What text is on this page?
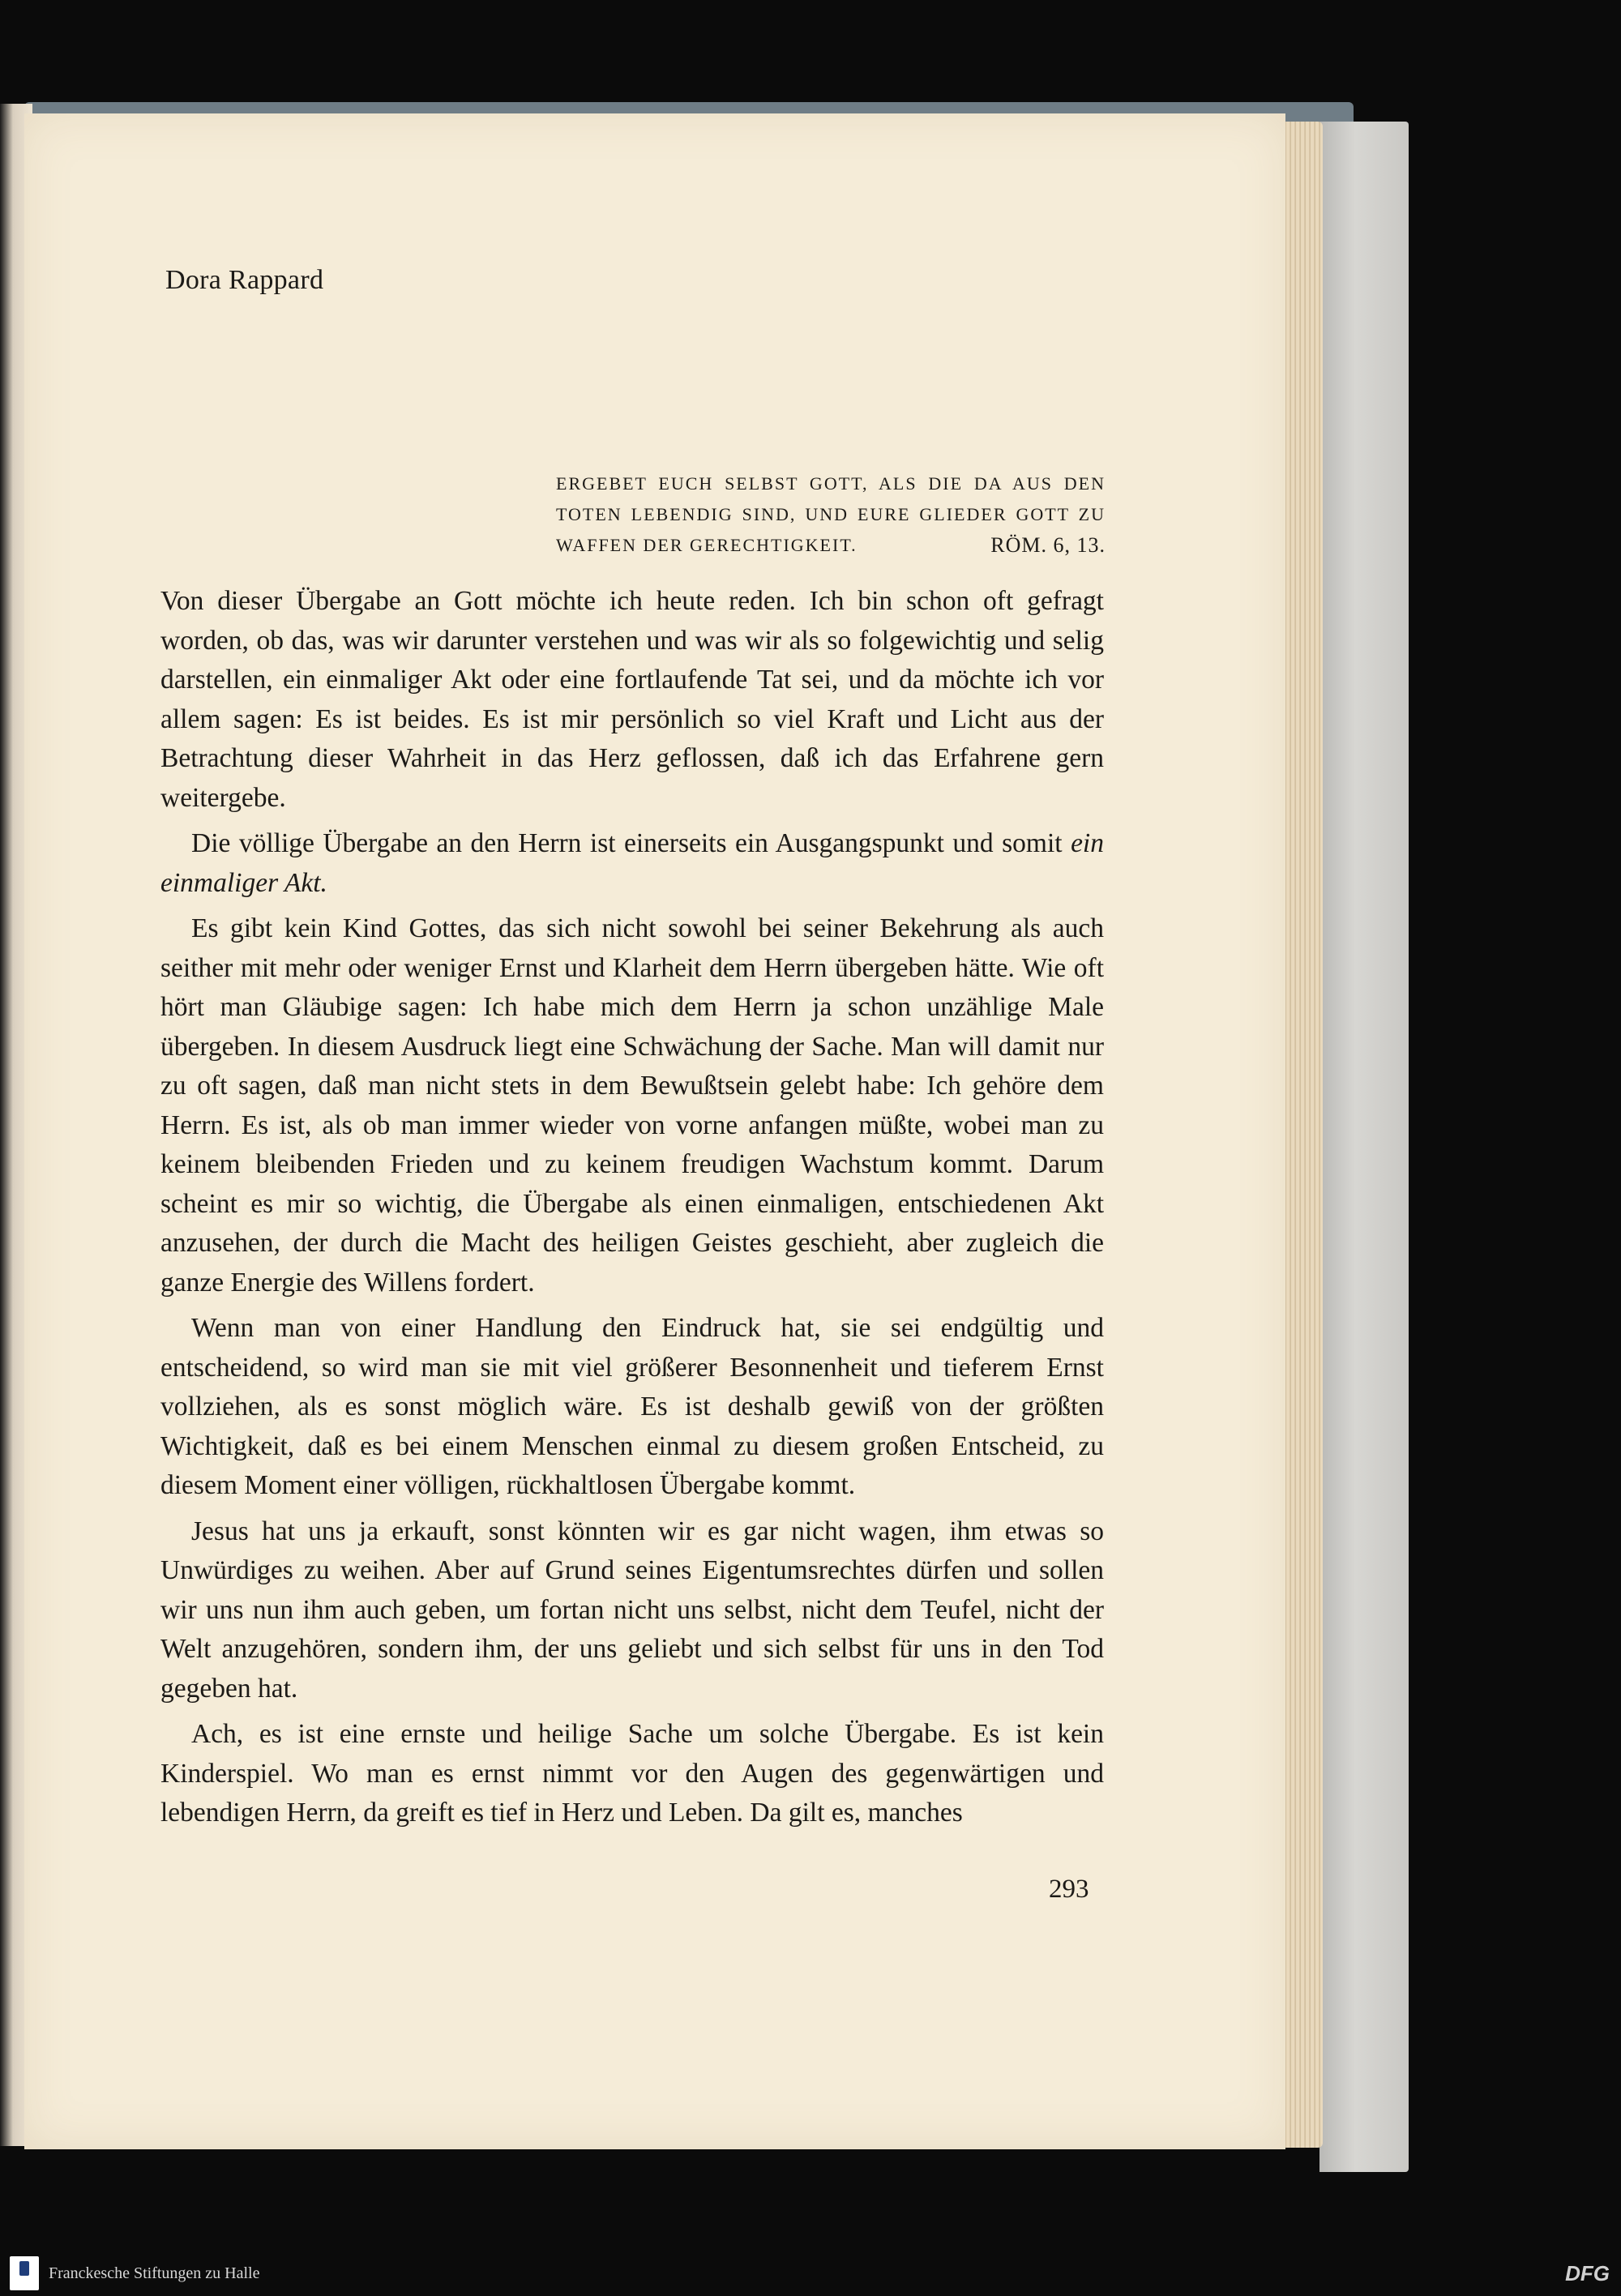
Dora Rappard
ERGEBET EUCH SELBST GOTT, ALS DIE DA AUS DEN
TOTEN LEBENDIG SIND, UND EURE GLIEDER GOTT ZU
WAFFEN DER GERECHTIGKEIT.	RÖM. 6, 13.

Von dieser Übergabe an Gott möchte ich heute reden. Ich bin schon oft gefragt worden, ob das, was wir darunter verstehen und was wir als so folgewichtig und selig darstellen, ein einmaliger Akt oder eine fortlaufende Tat sei, und da möchte ich vor allem sagen: Es ist beides. Es ist mir persönlich so viel Kraft und Licht aus der Betrachtung dieser Wahrheit in das Herz geflossen, daß ich das Erfahrene gern weitergebe.

Die völlige Übergabe an den Herrn ist einerseits ein Ausgangspunkt und somit ein einmaliger Akt.

Es gibt kein Kind Gottes, das sich nicht sowohl bei seiner Bekehrung als auch seither mit mehr oder weniger Ernst und Klarheit dem Herrn übergeben hätte. Wie oft hört man Gläubige sagen: Ich habe mich dem Herrn ja schon unzählige Male übergeben. In diesem Ausdruck liegt eine Schwächung der Sache. Man will damit nur zu oft sagen, daß man nicht stets in dem Bewußtsein gelebt habe: Ich gehöre dem Herrn. Es ist, als ob man immer wieder von vorne anfangen müßte, wobei man zu keinem bleibenden Frieden und zu keinem freudigen Wachstum kommt. Darum scheint es mir so wichtig, die Übergabe als einen einmaligen, entschiedenen Akt anzusehen, der durch die Macht des heiligen Geistes geschieht, aber zugleich die ganze Energie des Willens fordert.

Wenn man von einer Handlung den Eindruck hat, sie sei endgültig und entscheidend, so wird man sie mit viel größerer Besonnenheit und tieferem Ernst vollziehen, als es sonst möglich wäre. Es ist deshalb gewiß von der größten Wichtigkeit, daß es bei einem Menschen einmal zu diesem großen Entscheid, zu diesem Moment einer völligen, rückhaltlosen Übergabe kommt.

Jesus hat uns ja erkauft, sonst könnten wir es gar nicht wagen, ihm etwas so Unwürdiges zu weihen. Aber auf Grund seines Eigentumsrechtes dürfen und sollen wir uns nun ihm auch geben, um fortan nicht uns selbst, nicht dem Teufel, nicht der Welt anzugehören, sondern ihm, der uns geliebt und sich selbst für uns in den Tod gegeben hat.

Ach, es ist eine ernste und heilige Sache um solche Übergabe. Es ist kein Kinderspiel. Wo man es ernst nimmt vor den Augen des gegenwärtigen und lebendigen Herrn, da greift es tief in Herz und Leben. Da gilt es, manches

293
Franckesche Stiftungen zu Halle	DFG
